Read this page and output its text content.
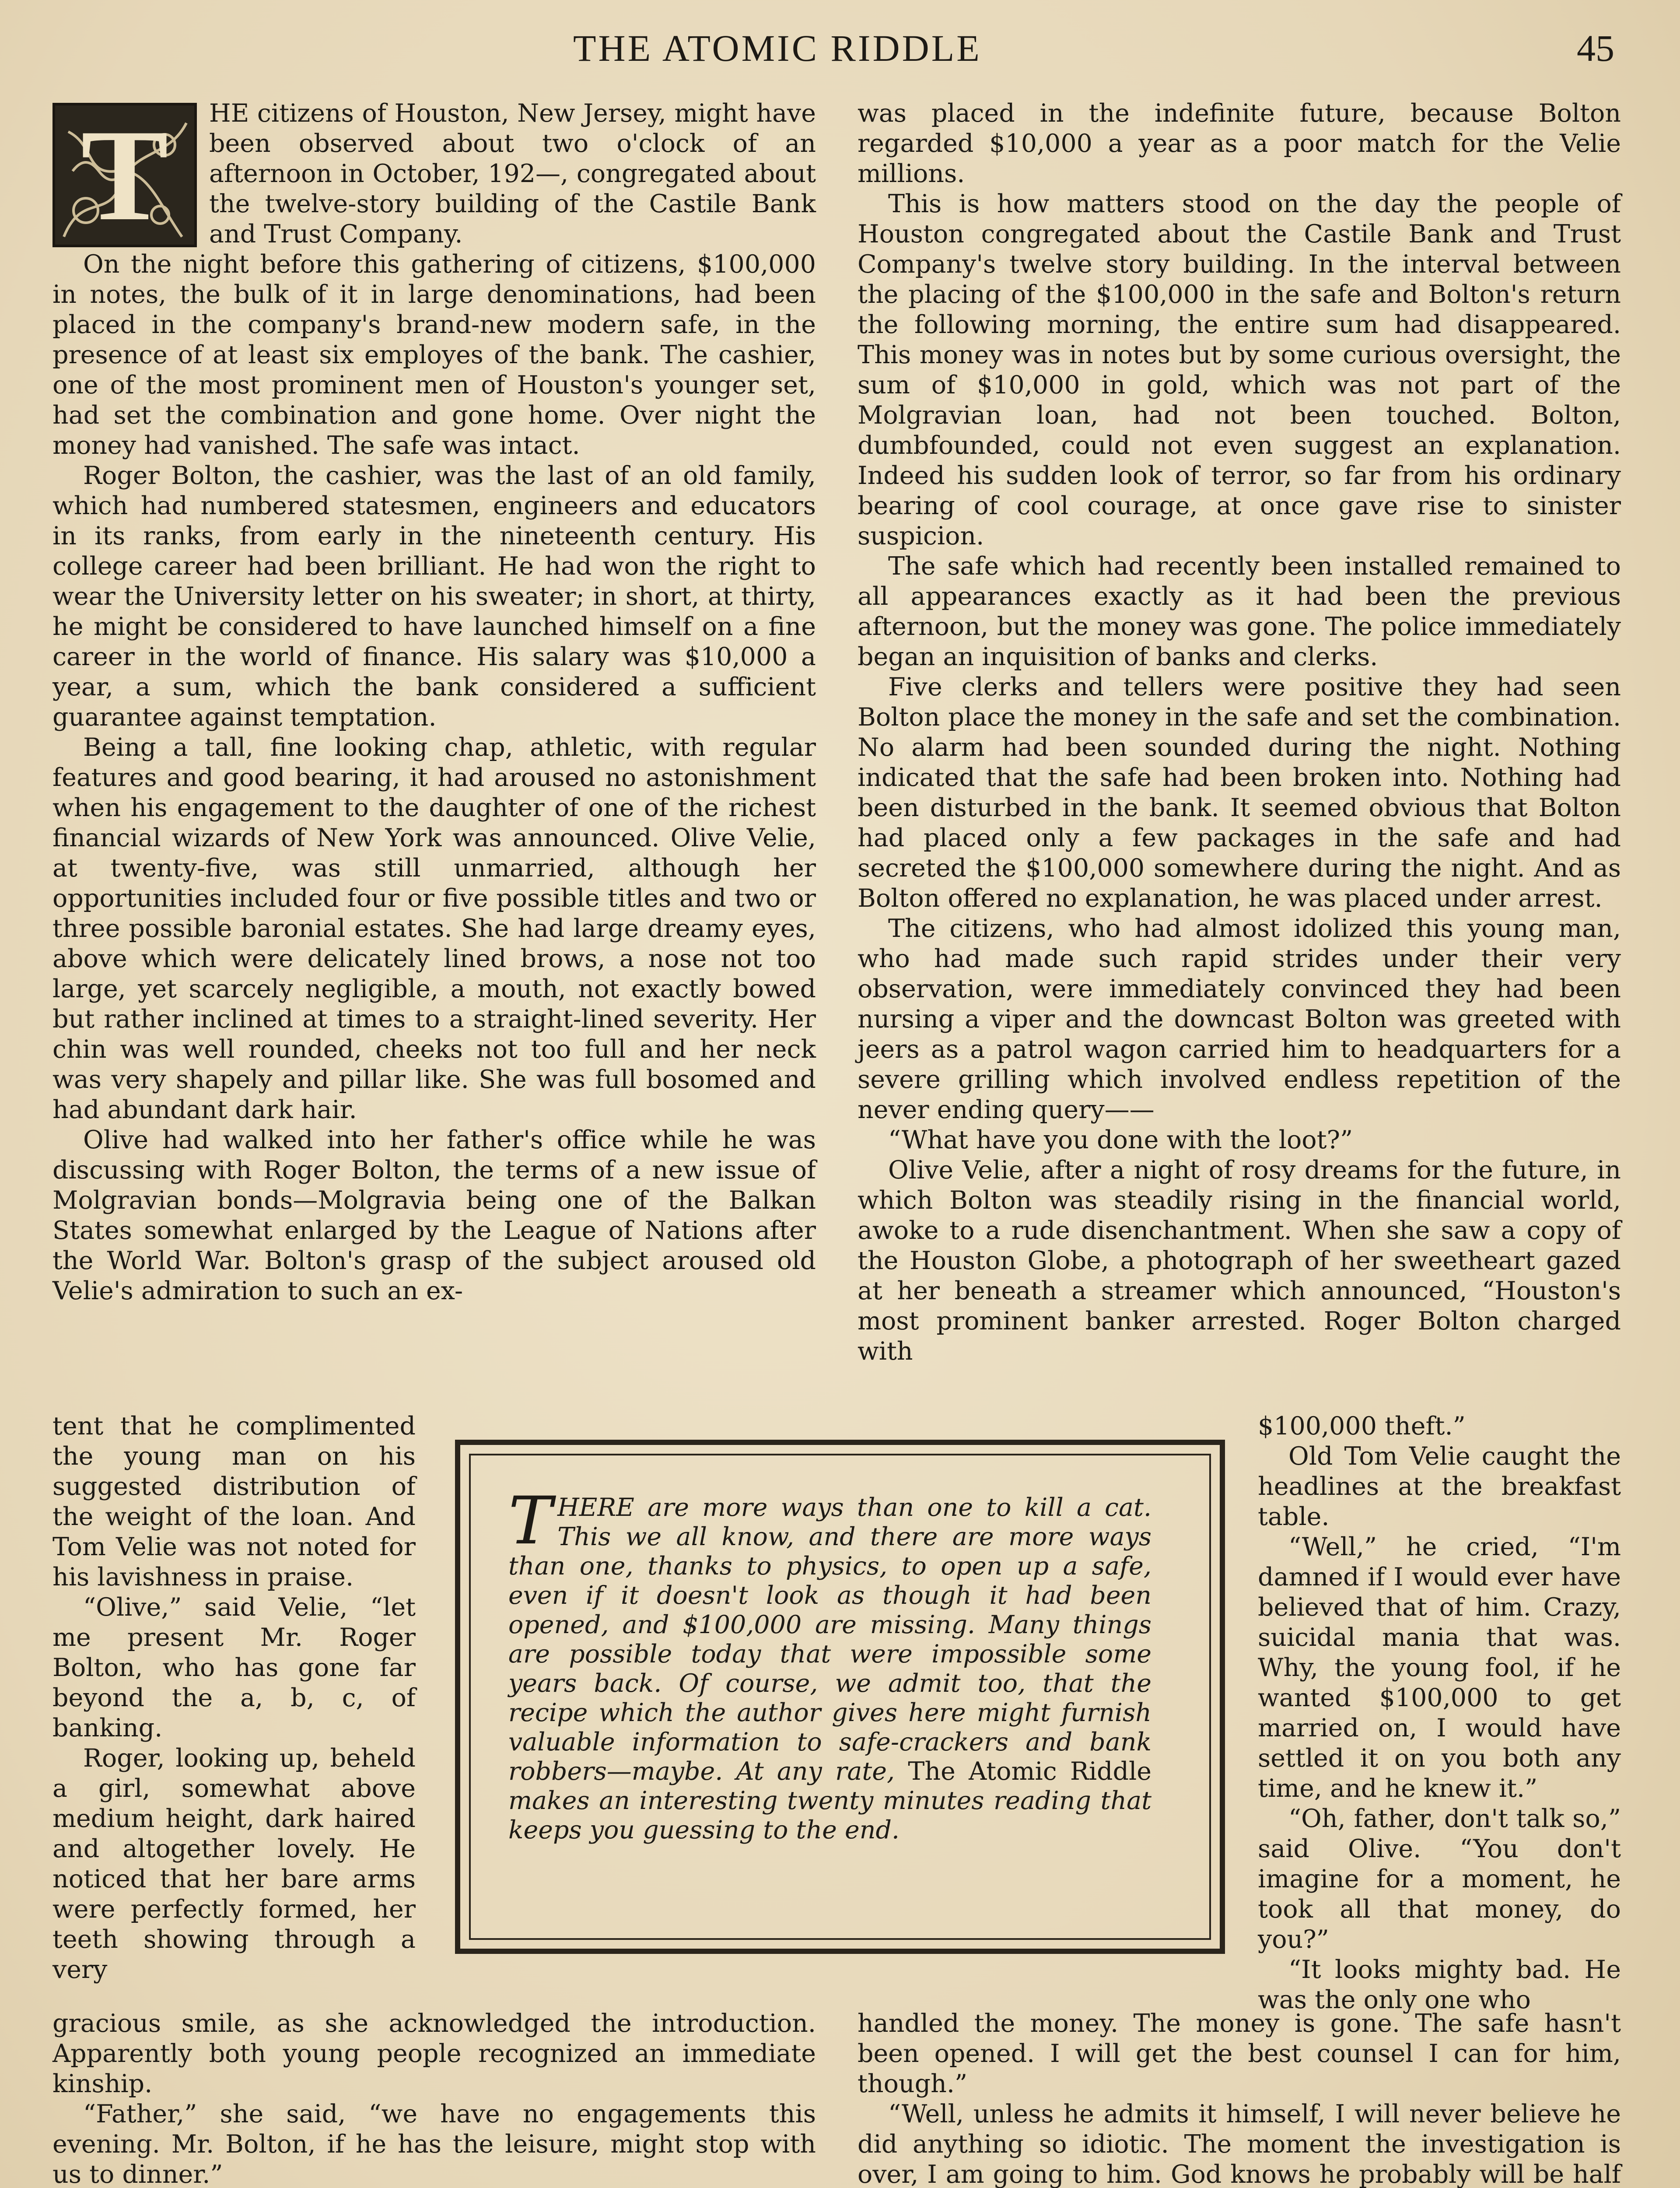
THE ATOMIC RIDDLE	45
T	HE citizens of Houston, New Jersey, might have been observed about two o'clock of an afternoon in October, 192—, congregated about the twelve-story building of the Castile Bank and Trust Company.

On the night before this gathering of citizens, $100,000 in notes, the bulk of it in large denominations, had been placed in the company's brand-new modern safe, in the presence of at least six employes of the bank. The cashier, one of the most prominent men of Houston's younger set, had set the combination and gone home. Over night the money had vanished. The safe was intact.

Roger Bolton, the cashier, was the last of an old family, which had numbered statesmen, engineers and educators in its ranks, from early in the nineteenth century. His college career had been brilliant. He had won the right to wear the University letter on his sweater; in short, at thirty, he might be considered to have launched himself on a fine career in the world of finance. His salary was $10,000 a year, a sum, which the bank considered a sufficient guarantee against temptation.

Being a tall, fine looking chap, athletic, with regular features and good bearing, it had aroused no astonishment when his engagement to the daughter of one of the richest financial wizards of New York was announced. Olive Velie, at twenty-five, was still unmarried, although her opportunities included four or five possible titles and two or three possible baronial estates. She had large dreamy eyes, above which were delicately lined brows, a nose not too large, yet scarcely negligible, a mouth, not exactly bowed but rather inclined at times to a straight-lined severity. Her chin was well rounded, cheeks not too full and her neck was very shapely and pillar like. She was full bosomed and had abundant dark hair.

Olive had walked into her father's office while he was discussing with Roger Bolton, the terms of a new issue of Molgravian bonds—Molgravia being one of the Balkan States somewhat enlarged by the League of Nations after the World War. Bolton's grasp of the subject aroused old Velie's admiration to such an ex-

was placed in the indefinite future, because Bolton regarded $10,000 a year as a poor match for the Velie millions.

This is how matters stood on the day the people of Houston congregated about the Castile Bank and Trust Company's twelve story building. In the interval between the placing of the $100,000 in the safe and Bolton's return the following morning, the entire sum had disappeared. This money was in notes but by some curious oversight, the sum of $10,000 in gold, which was not part of the Molgravian loan, had not been touched. Bolton, dumbfounded, could not even suggest an explanation. Indeed his sudden look of terror, so far from his ordinary bearing of cool courage, at once gave rise to sinister suspicion.

The safe which had recently been installed remained to all appearances exactly as it had been the previous afternoon, but the money was gone. The police immediately began an inquisition of banks and clerks.

Five clerks and tellers were positive they had seen Bolton place the money in the safe and set the combination. No alarm had been sounded during the night. Nothing indicated that the safe had been broken into. Nothing had been disturbed in the bank. It seemed obvious that Bolton had placed only a few packages in the safe and had secreted the $100,000 somewhere during the night. And as Bolton offered no explanation, he was placed under arrest.

The citizens, who had almost idolized this young man, who had made such rapid strides under their very observation, were immediately convinced they had been nursing a viper and the downcast Bolton was greeted with jeers as a patrol wagon carried him to headquarters for a severe grilling which involved endless repetition of the never ending query——

“What have you done with the loot?”

Olive Velie, after a night of rosy dreams for the future, in which Bolton was steadily rising in the financial world, awoke to a rude disenchantment. When she saw a copy of the Houston Globe, a photograph of her sweetheart gazed at her beneath a streamer which announced, “Houston's most prominent banker arrested. Roger Bolton charged with

tent that he complimented the young man on his suggested distribution of the weight of the loan. And Tom Velie was not noted for his lavishness in praise.

“Olive,” said Velie, “let me present Mr. Roger Bolton, who has gone far beyond the a, b, c, of banking.

Roger, looking up, beheld a girl, somewhat above medium height, dark haired and altogether lovely. He noticed that her bare arms were perfectly formed, her teeth showing through a very

$100,000 theft.”

Old Tom Velie caught the headlines at the breakfast table.

“Well,” he cried, “I'm damned if I would ever have believed that of him. Crazy, suicidal mania that was. Why, the young fool, if he wanted $100,000 to get married on, I would have settled it on you both any time, and he knew it.”

“Oh, father, don't talk so,” said Olive. “You don't imagine for a moment, he took all that money, do you?”

“It looks mighty bad. He was the only one who

THERE are more ways than one to kill a cat. This we all know, and there are more ways than one, thanks to physics, to open up a safe, even if it doesn't look as though it had been opened, and $100,000 are missing. Many things are possible today that were impossible some years back. Of course, we admit too, that the recipe which the author gives here might furnish valuable information to safe-crackers and bank robbers—maybe. At any rate, The Atomic Riddle makes an interesting twenty minutes reading that keeps you guessing to the end.

gracious smile, as she acknowledged the introduction. Apparently both young people recognized an immediate kinship.

“Father,” she said, “we have no engagements this evening. Mr. Bolton, if he has the leisure, might stop with us to dinner.”

handled the money. The money is gone. The safe hasn't been opened. I will get the best counsel I can for him, though.”

“Well, unless he admits it himself, I will never believe he did anything so idiotic. The moment the investigation is over, I am going to him. God knows he probably will be half
